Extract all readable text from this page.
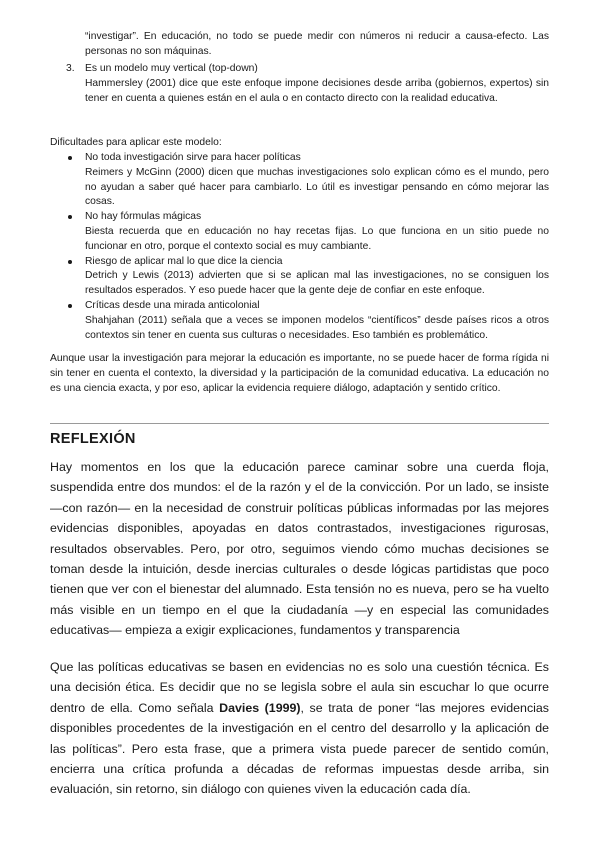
“investigar”. En educación, no todo se puede medir con números ni reducir a causa-efecto. Las personas no son máquinas.
3.	Es un modelo muy vertical (top-down)
Hammersley (2001) dice que este enfoque impone decisiones desde arriba (gobiernos, expertos) sin tener en cuenta a quienes están en el aula o en contacto directo con la realidad educativa.
Dificultades para aplicar este modelo:
No toda investigación sirve para hacer políticas
Reimers y McGinn (2000) dicen que muchas investigaciones solo explican cómo es el mundo, pero no ayudan a saber qué hacer para cambiarlo. Lo útil es investigar pensando en cómo mejorar las cosas.
No hay fórmulas mágicas
Biesta recuerda que en educación no hay recetas fijas. Lo que funciona en un sitio puede no funcionar en otro, porque el contexto social es muy cambiante.
Riesgo de aplicar mal lo que dice la ciencia
Detrich y Lewis (2013) advierten que si se aplican mal las investigaciones, no se consiguen los resultados esperados. Y eso puede hacer que la gente deje de confiar en este enfoque.
Críticas desde una mirada anticolonial
Shahjahan (2011) señala que a veces se imponen modelos “científicos” desde países ricos a otros contextos sin tener en cuenta sus culturas o necesidades. Eso también es problemático.
Aunque usar la investigación para mejorar la educación es importante, no se puede hacer de forma rígida ni sin tener en cuenta el contexto, la diversidad y la participación de la comunidad educativa. La educación no es una ciencia exacta, y por eso, aplicar la evidencia requiere diálogo, adaptación y sentido crítico.
REFLEXIÓN
Hay momentos en los que la educación parece caminar sobre una cuerda floja, suspendida entre dos mundos: el de la razón y el de la convicción. Por un lado, se insiste —con razón— en la necesidad de construir políticas públicas informadas por las mejores evidencias disponibles, apoyadas en datos contrastados, investigaciones rigurosas, resultados observables. Pero, por otro, seguimos viendo cómo muchas decisiones se toman desde la intuición, desde inercias culturales o desde lógicas partidistas que poco tienen que ver con el bienestar del alumnado. Esta tensión no es nueva, pero se ha vuelto más visible en un tiempo en el que la ciudadanía —y en especial las comunidades educativas— empieza a exigir explicaciones, fundamentos y transparencia
Que las políticas educativas se basen en evidencias no es solo una cuestión técnica. Es una decisión ética. Es decidir que no se legisla sobre el aula sin escuchar lo que ocurre dentro de ella. Como señala Davies (1999), se trata de poner “las mejores evidencias disponibles procedentes de la investigación en el centro del desarrollo y la aplicación de las políticas”. Pero esta frase, que a primera vista puede parecer de sentido común, encierra una crítica profunda a décadas de reformas impuestas desde arriba, sin evaluación, sin retorno, sin diálogo con quienes viven la educación cada día.
